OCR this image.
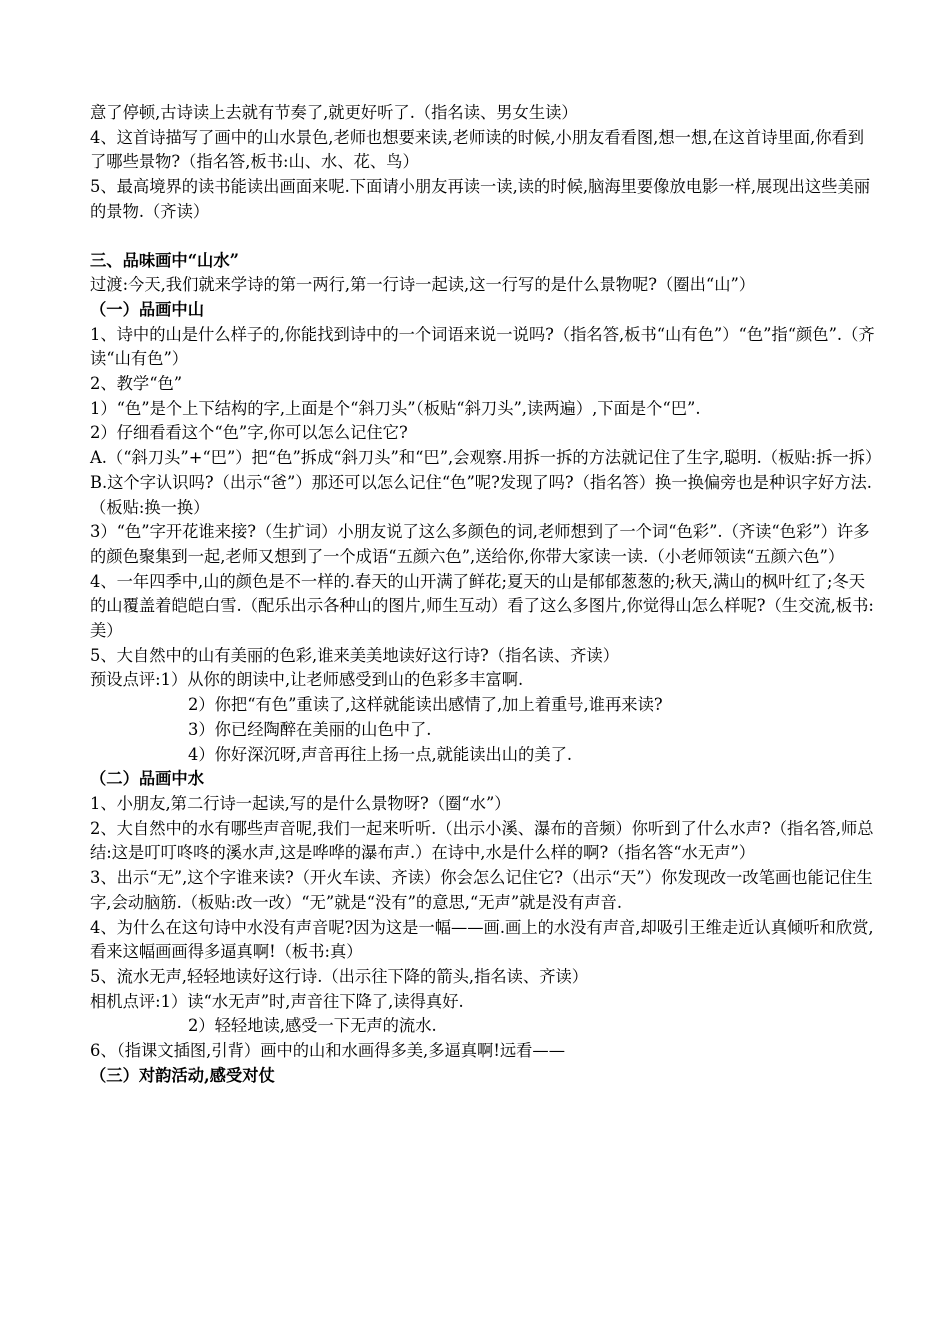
意了停顿,古诗读上去就有节奏了,就更好听了.（指名读、男女生读）

4、这首诗描写了画中的山水景色,老师也想要来读,老师读的时候,小朋友看看图,想一想,在这首诗里面,你看到了哪些景物?（指名答,板书:山、水、花、鸟）

5、最高境界的读书能读出画面来呢.下面请小朋友再读一读,读的时候,脑海里要像放电影一样,展现出这些美丽的景物.（齐读）

三、品味画中“山水”

过渡:今天,我们就来学诗的第一两行,第一行诗一起读,这一行写的是什么景物呢?（圈出“山”）

（一）品画中山

1、诗中的山是什么样子的,你能找到诗中的一个词语来说一说吗?（指名答,板书“山有色”）“色”指“颜色”.（齐读“山有色”）

2、教学“色”

1）“色”是个上下结构的字,上面是个“斜刀头”（板贴“斜刀头”,读两遍）,下面是个“巴”.

2）仔细看看这个“色”字,你可以怎么记住它?

A.（“斜刀头”+“巴”）把“色”拆成“斜刀头”和“巴”,会观察.用拆一拆的方法就记住了生字,聪明.（板贴:拆一拆）

B.这个字认识吗?（出示“爸”）那还可以怎么记住“色”呢?发现了吗?（指名答）换一换偏旁也是种识字好方法.（板贴:换一换）

3）“色”字开花谁来接?（生扩词）小朋友说了这么多颜色的词,老师想到了一个词“色彩”.（齐读“色彩”）许多的颜色聚集到一起,老师又想到了一个成语“五颜六色”,送给你,你带大家读一读.（小老师领读“五颜六色”）

4、一年四季中,山的颜色是不一样的.春天的山开满了鲜花;夏天的山是郁郁葱葱的;秋天,满山的枫叶红了;冬天的山覆盖着皑皑白雪.（配乐出示各种山的图片,师生互动）看了这么多图片,你觉得山怎么样呢?（生交流,板书:美）

5、大自然中的山有美丽的色彩,谁来美美地读好这行诗?（指名读、齐读）

预设点评:1）从你的朗读中,让老师感受到山的色彩多丰富啊.

2）你把“有色”重读了,这样就能读出感情了,加上着重号,谁再来读?

3）你已经陶醉在美丽的山色中了.

4）你好深沉呀,声音再往上扬一点,就能读出山的美了.

（二）品画中水

1、小朋友,第二行诗一起读,写的是什么景物呀?（圈“水”）

2、大自然中的水有哪些声音呢,我们一起来听听.（出示小溪、瀑布的音频）你听到了什么水声?（指名答,师总结:这是叮叮咚咚的溪水声,这是哗哗的瀑布声.）在诗中,水是什么样的啊?（指名答“水无声”）

3、出示“无”,这个字谁来读?（开火车读、齐读）你会怎么记住它?（出示“天”）你发现改一改笔画也能记住生字,会动脑筋.（板贴:改一改）“无”就是“没有”的意思,“无声”就是没有声音.

4、为什么在这句诗中水没有声音呢?因为这是一幅——画.画上的水没有声音,却吸引王维走近认真倾听和欣赏,看来这幅画画得多逼真啊!（板书:真）

5、流水无声,轻轻地读好这行诗.（出示往下降的箭头,指名读、齐读）

相机点评:1）读“水无声”时,声音往下降了,读得真好.

2）轻轻地读,感受一下无声的流水.

6、（指课文插图,引背）画中的山和水画得多美,多逼真啊!远看——

（三）对韵活动,感受对仗
